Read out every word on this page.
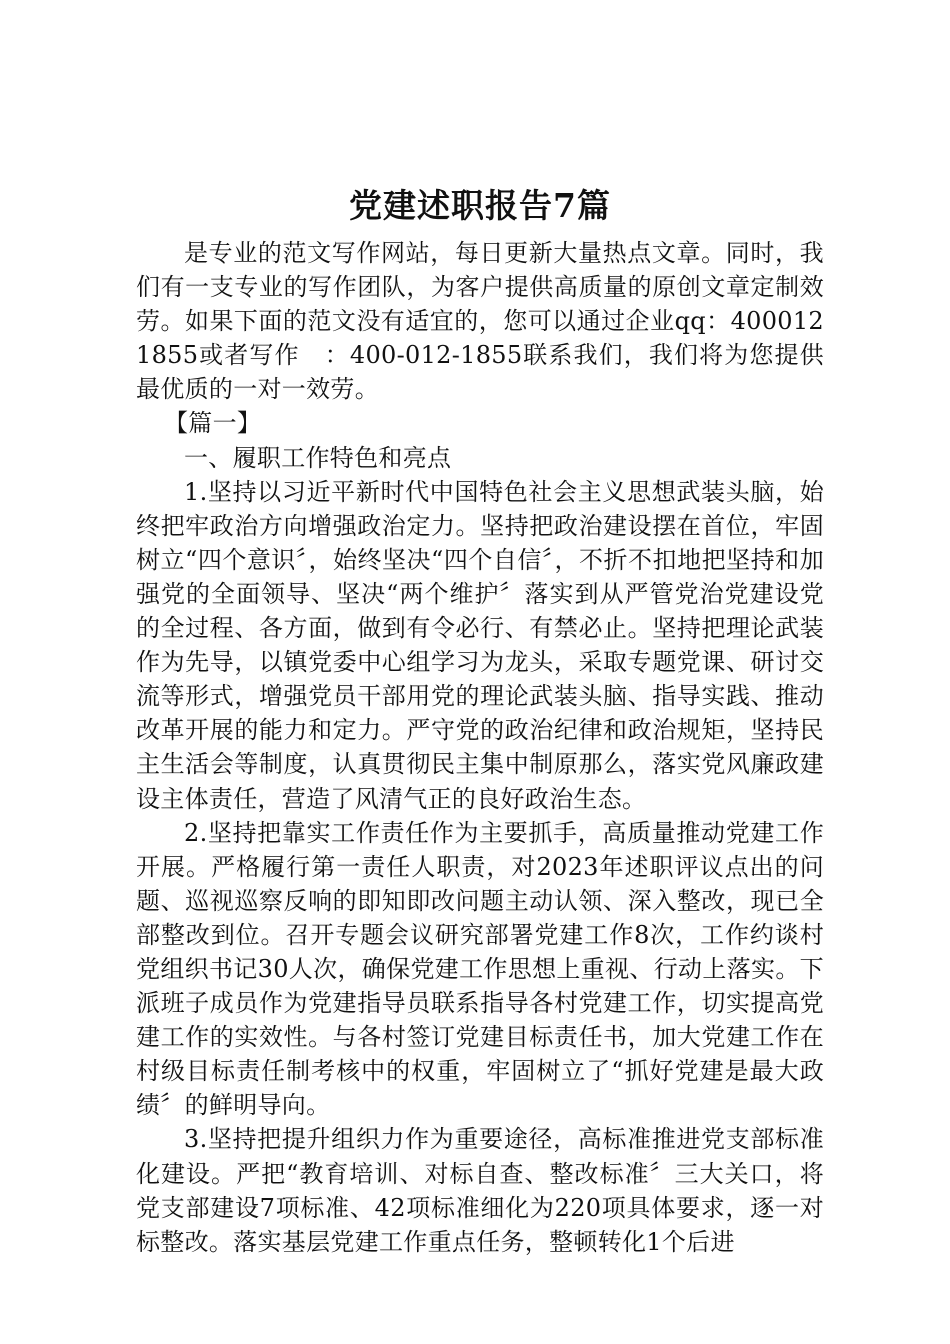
党建述职报告7篇

是专业的范文写作网站，每日更新大量热点文章。同时，我们有一支专业的写作团队，为客户提供高质量的原创文章定制效劳。如果下面的范文没有适宜的，您可以通过企业qq：4000121855或者写作　：400-012-1855联系我们，我们将为您提供最优质的一对一效劳。

【篇一】

一、履职工作特色和亮点

1.坚持以习近平新时代中国特色社会主义思想武装头脑，始终把牢政治方向增强政治定力。坚持把政治建设摆在首位，牢固树立“四个意识〞，始终坚决“四个自信〞，不折不扣地把坚持和加强党的全面领导、坚决“两个维护〞落实到从严管党治党建设党的全过程、各方面，做到有令必行、有禁必止。坚持把理论武装作为先导，以镇党委中心组学习为龙头，采取专题党课、研讨交流等形式，增强党员干部用党的理论武装头脑、指导实践、推动改革开展的能力和定力。严守党的政治纪律和政治规矩，坚持民主生活会等制度，认真贯彻民主集中制原那么，落实党风廉政建设主体责任，营造了风清气正的良好政治生态。

2.坚持把靠实工作责任作为主要抓手，高质量推动党建工作开展。严格履行第一责任人职责，对2023年述职评议点出的问题、巡视巡察反响的即知即改问题主动认领、深入整改，现已全部整改到位。召开专题会议研究部署党建工作8次，工作约谈村党组织书记30人次，确保党建工作思想上重视、行动上落实。下派班子成员作为党建指导员联系指导各村党建工作，切实提高党建工作的实效性。与各村签订党建目标责任书，加大党建工作在村级目标责任制考核中的权重，牢固树立了“抓好党建是最大政绩〞的鲜明导向。

3.坚持把提升组织力作为重要途径，高标准推进党支部标准化建设。严把“教育培训、对标自查、整改标准〞三大关口，将党支部建设7项标准、42项标准细化为220项具体要求，逐一对标整改。落实基层党建工作重点任务，整顿转化1个后进
